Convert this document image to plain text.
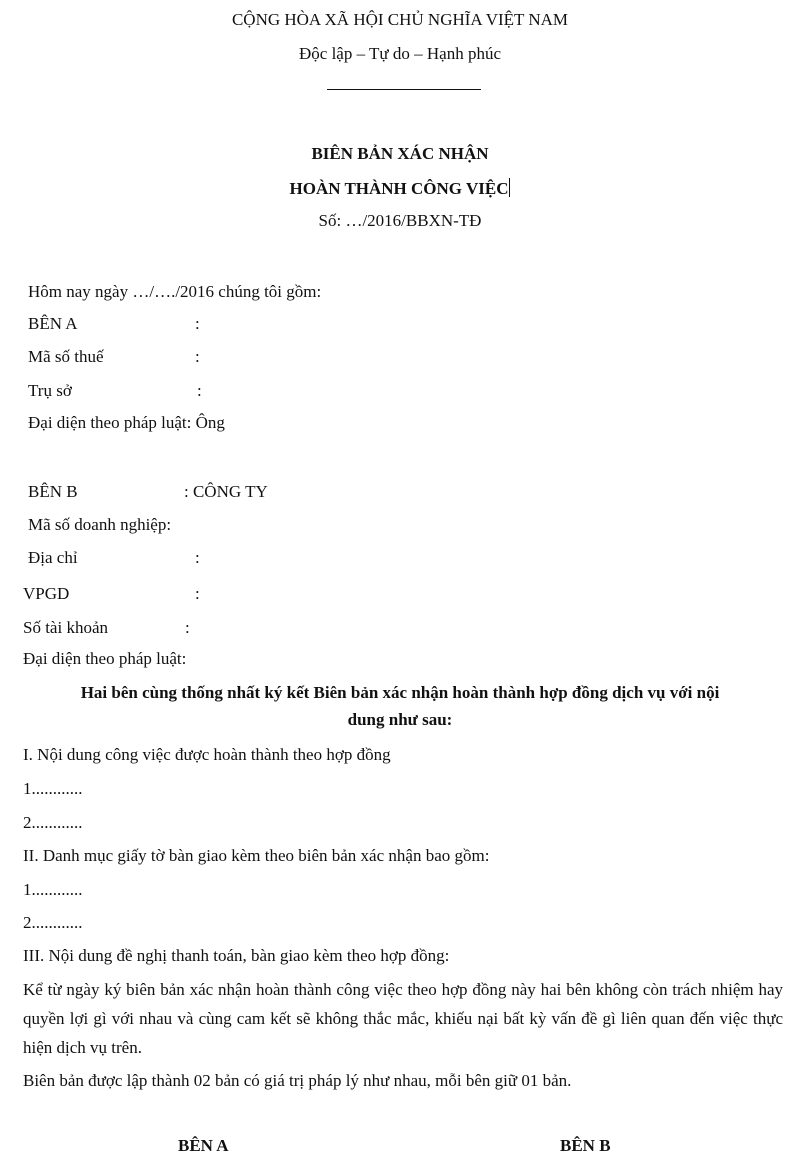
CỘNG HÒA XÃ HỘI CHỦ NGHĨA VIỆT NAM
Độc lập – Tự do – Hạnh phúc
BIÊN BẢN XÁC NHẬN
HOÀN THÀNH CÔNG VIỆC
Số: …/2016/BBXN-TĐ
Hôm nay ngày …/…./2016 chúng tôi gồm:
BÊN A	:
Mã số thuế	:
Trụ sở	:
Đại diện theo pháp luật: Ông
BÊN B	: CÔNG TY
Mã số doanh nghiệp:
Địa chỉ	:
VPGD	:
Số tài khoản	:
Đại diện theo pháp luật:
Hai bên cùng thống nhất ký kết Biên bản xác nhận hoàn thành hợp đồng dịch vụ với nội
dung như sau:
I. Nội dung công việc được hoàn thành theo hợp đồng
1............
2............
II. Danh mục giấy tờ bàn giao kèm theo biên bản xác nhận bao gồm:
1............
2............
III. Nội dung đề nghị thanh toán, bàn giao kèm theo hợp đồng:
Kể từ ngày ký biên bản xác nhận hoàn thành công việc theo hợp đồng này hai bên không còn trách nhiệm hay quyền lợi gì với nhau và cùng cam kết sẽ không thắc mắc, khiếu nại bất kỳ vấn đề gì liên quan đến việc thực hiện dịch vụ trên.
Biên bản được lập thành 02 bản có giá trị pháp lý như nhau, mỗi bên giữ 01 bản.
BÊN A	BÊN B
